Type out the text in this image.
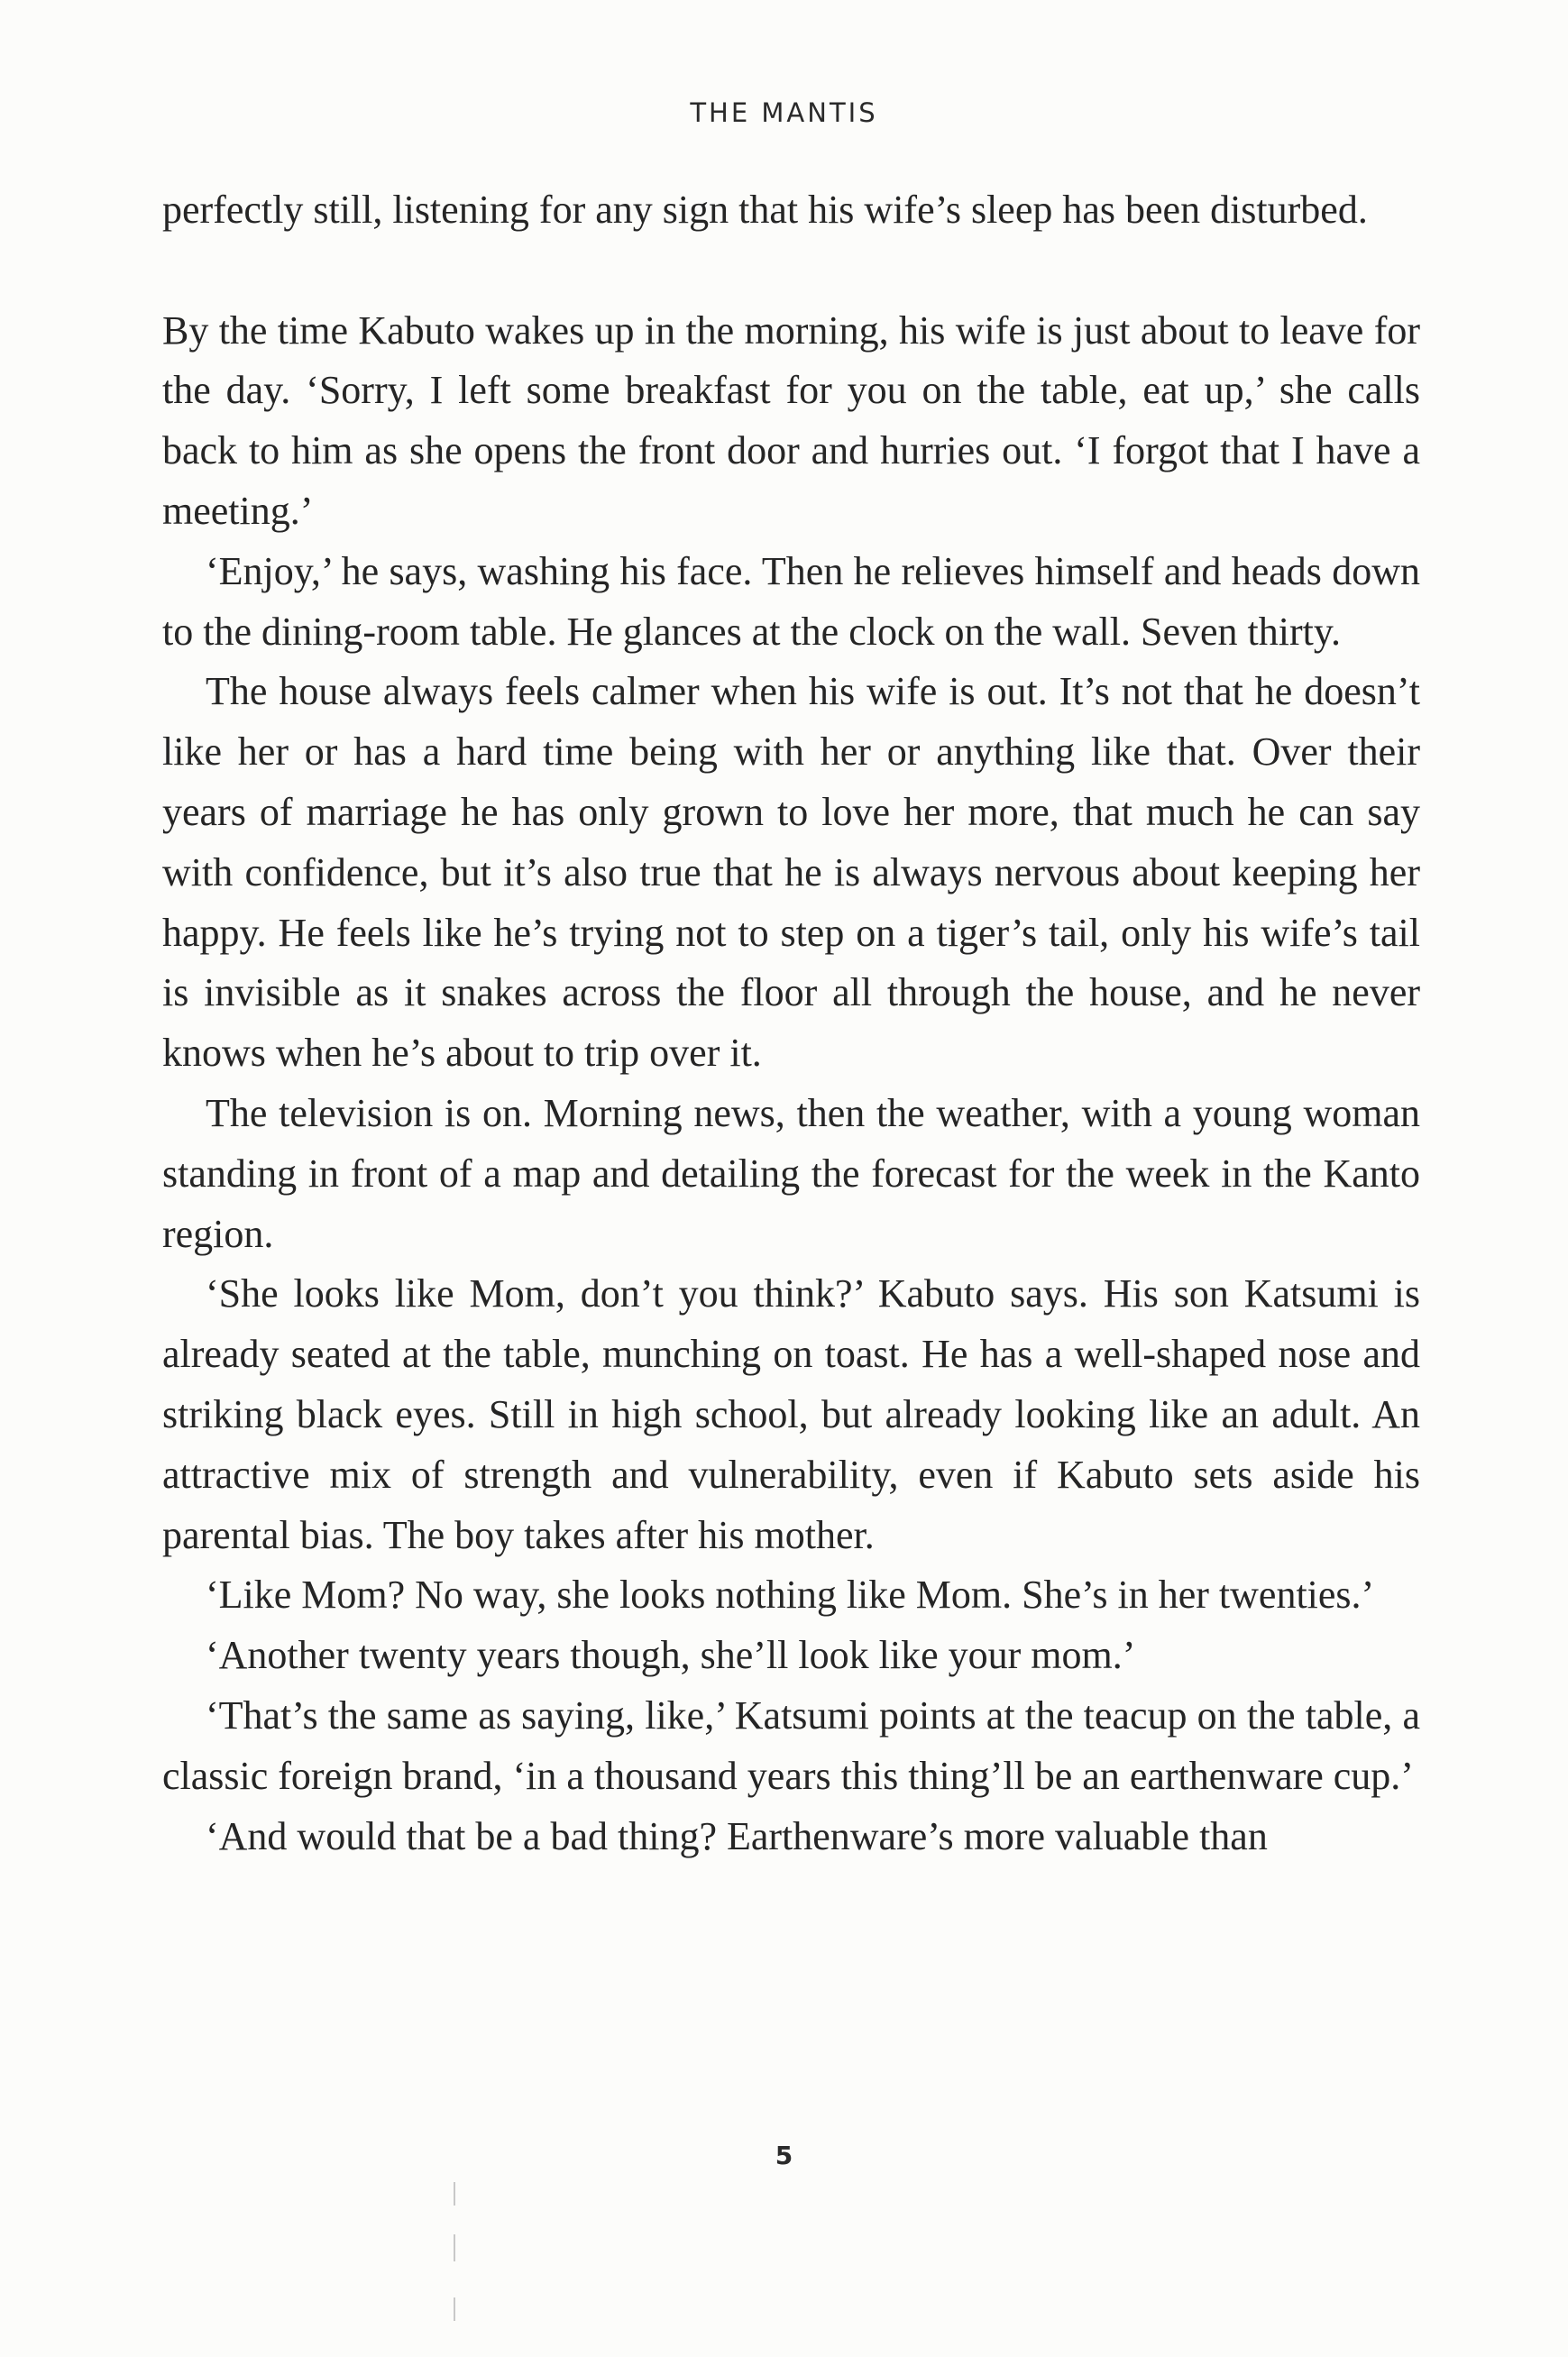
THE MANTIS

perfectly still, listening for any sign that his wife’s sleep has been disturbed.

By the time Kabuto wakes up in the morning, his wife is just about to leave for the day. ‘Sorry, I left some breakfast for you on the table, eat up,’ she calls back to him as she opens the front door and hurries out. ‘I forgot that I have a meeting.’

‘Enjoy,’ he says, washing his face. Then he relieves himself and heads down to the dining-room table. He glances at the clock on the wall. Seven thirty.

The house always feels calmer when his wife is out. It’s not that he doesn’t like her or has a hard time being with her or anything like that. Over their years of marriage he has only grown to love her more, that much he can say with confidence, but it’s also true that he is always nervous about keeping her happy. He feels like he’s trying not to step on a tiger’s tail, only his wife’s tail is invisible as it snakes across the floor all through the house, and he never knows when he’s about to trip over it.

The television is on. Morning news, then the weather, with a young woman standing in front of a map and detailing the forecast for the week in the Kanto region.

‘She looks like Mom, don’t you think?’ Kabuto says. His son Katsumi is already seated at the table, munching on toast. He has a well-shaped nose and striking black eyes. Still in high school, but already looking like an adult. An attractive mix of strength and vulnerability, even if Kabuto sets aside his parental bias. The boy takes after his mother.

‘Like Mom? No way, she looks nothing like Mom. She’s in her twenties.’

‘Another twenty years though, she’ll look like your mom.’

‘That’s the same as saying, like,’ Katsumi points at the teacup on the table, a classic foreign brand, ‘in a thousand years this thing’ll be an earthenware cup.’

‘And would that be a bad thing? Earthenware’s more valuable than

5
